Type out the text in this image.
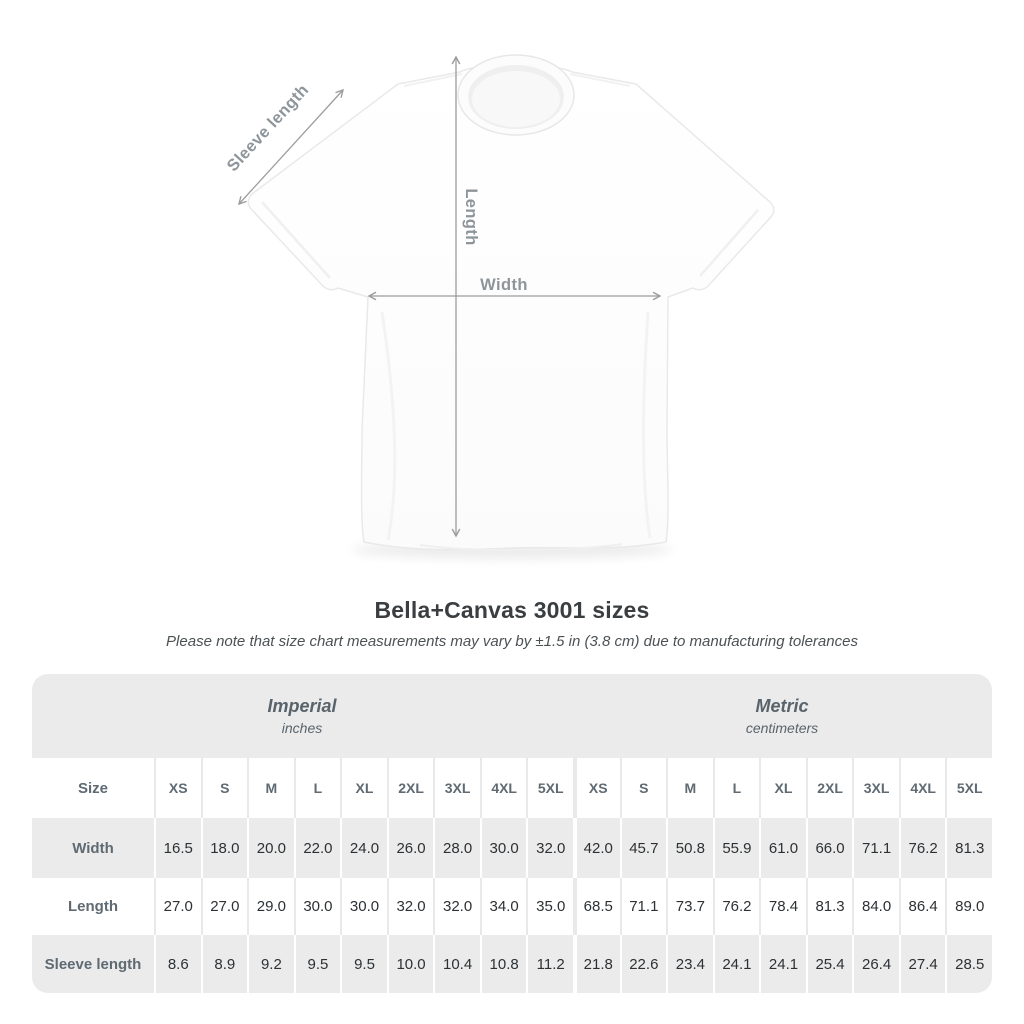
Sleeve length
Length
Width
Bella+Canvas 3001 sizes

Please note that size chart measurements may vary by ±1.5 in (3.8 cm) due to manufacturing tolerances

Imperial
inches
Metric
centimeters
Size	XS	S	M	L	XL	2XL	3XL	4XL	5XL	XS	S	M	L	XL	2XL	3XL	4XL	5XL
Width	16.5	18.0	20.0	22.0	24.0	26.0	28.0	30.0	32.0	42.0	45.7	50.8	55.9	61.0	66.0	71.1	76.2	81.3
Length	27.0	27.0	29.0	30.0	30.0	32.0	32.0	34.0	35.0	68.5	71.1	73.7	76.2	78.4	81.3	84.0	86.4	89.0
Sleeve length	8.6	8.9	9.2	9.5	9.5	10.0	10.4	10.8	11.2	21.8	22.6	23.4	24.1	24.1	25.4	26.4	27.4	28.5
